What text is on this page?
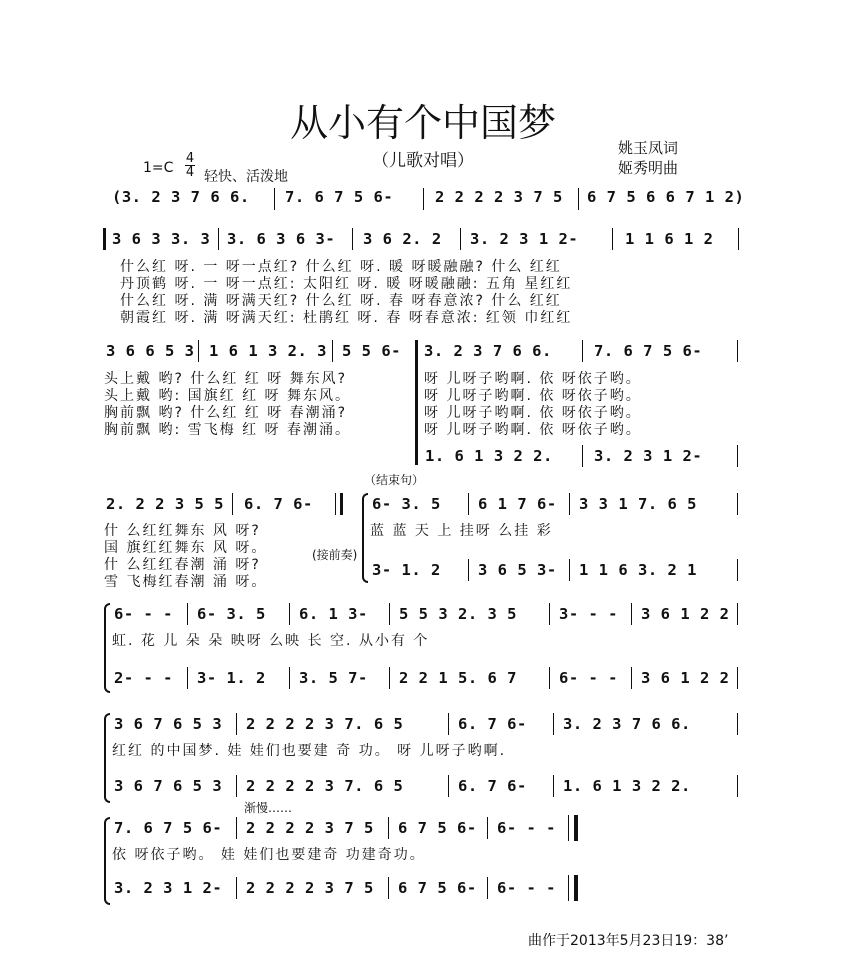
从小有个中国梦
（儿歌对唱）
姚玉凤词
姬秀明曲
$1=C \frac{4}{4}$ 轻快、活泼地
(3. 2 3 7 6 6. 7. 6 7 5 6-	2 2 2 2 3 7 5 6 7 5 6 6 7 1 2)
3 6 3 3. 3 3. 6 3 6 3- 3 6 2. 2 3. 2 3 1 2-	1 1 6 1 2
什么红 呀. 一 呀一点红? 什么红 呀. 暖 呀暖融融? 什么 红红
丹顶鹤 呀. 一 呀一点红: 太阳红 呀. 暖 呀暖融融: 五角 星红红
什么红 呀. 满 呀满天红? 什么红 呀. 春 呀春意浓? 什么 红红
朝霞红 呀. 满 呀满天红: 杜鹃红 呀. 春 呀春意浓: 红领 巾红红
3 6 6 5 3 1 6 1 3 2. 3 5 5 6- 3. 2 3 7 6 6.	7. 6 7 5 6-
头上戴 哟? 什么红 红 呀 舞东风?
头上戴 哟: 国旗红 红 呀 舞东风。
胸前飘 哟? 什么红 红 呀 春潮涌?
胸前飘 哟: 雪飞梅 红 呀 春潮涌。
呀 儿呀子哟啊. 依 呀依子哟。
呀 儿呀子哟啊. 依 呀依子哟。
呀 儿呀子哟啊. 依 呀依子哟。
呀 儿呀子哟啊. 依 呀依子哟。
1. 6 1 3 2 2.	3. 2 3 1 2-
（结束句）
2. 2 2 3 5 5 6. 7 6-
什 么红红舞东 风 呀?
国 旗红红舞东 风 呀。
什 么红红春潮 涌 呀?
雪 飞梅红春潮 涌 呀。
(接前奏)
6- 3. 5 6 1 7 6- 3 3 1 7. 6 5
蓝 蓝 天 上 挂呀 么挂 彩
3- 1. 2 3 6 5 3- 1 1 6 3. 2 1
6- - - 6- 3. 5 6. 1 3- 5 5 3 2. 3 5	3- - - 3 6 1 2 2
虹. 花 儿 朵 朵 映呀 么映 长 空. 从小有 个
2- - - 3- 1. 2 3. 5 7- 2 2 1 5. 6 7	6- - - 3 6 1 2 2
3 6 7 6 5 3 2 2 2 2 3 7. 6 5	6. 7 6- 3. 2 3 7 6 6.
红红 的中国梦. 娃 娃们也要建 奇 功。 呀 儿呀子哟啊.
3 6 7 6 5 3 2 2 2 2 3 7. 6 5	6. 7 6- 1. 6 1 3 2 2.
渐慢……
7. 6 7 5 6- 2 2 2 2 3 7 5 6 7 5 6- 6- - -
依 呀依子哟。 娃 娃们也要建奇 功建奇功。
3. 2 3 1 2- 2 2 2 2 3 7 5 6 7 5 6- 6- - -
曲作于2013年5月23日19：38’
